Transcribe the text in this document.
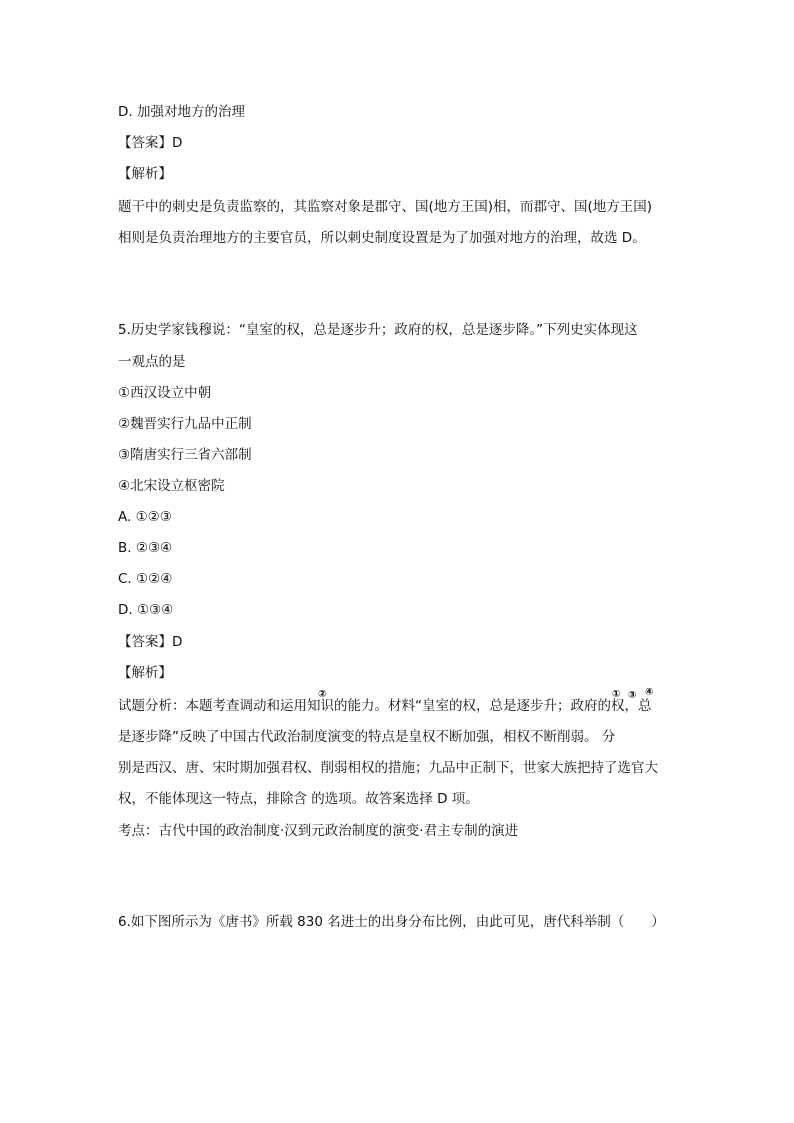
D. 加强对地方的治理
【答案】D
【解析】
题干中的刺史是负责监察的，其监察对象是郡守、国(地方王国)相，而郡守、国(地方王国)
相则是负责治理地方的主要官员，所以刺史制度设置是为了加强对地方的治理，故选 D。
5.历史学家钱穆说：“皇室的权，总是逐步升；政府的权，总是逐步降。”下列史实体现这
一观点的是
①西汉设立中朝
②魏晋实行九品中正制
③隋唐实行三省六部制
④北宋设立枢密院
A. ①②③
B. ②③④
C. ①②④
D. ①③④
【答案】D
【解析】
②	① ③ ④
试题分析：本题考查调动和运用知识的能力。材料“皇室的权，总是逐步升；政府的权，总
是逐步降”反映了中国古代政治制度演变的特点是皇权不断加强，相权不断削弱。 分
别是西汉、唐、宋时期加强君权、削弱相权的措施；九品中正制下，世家大族把持了选官大
权，不能体现这一特点，排除含 的选项。故答案选择 D 项。
考点：古代中国的政治制度·汉到元政治制度的演变·君主专制的演进
6.如下图所示为《唐书》所载 830 名进士的出身分布比例，由此可见，唐代科举制（　　）
